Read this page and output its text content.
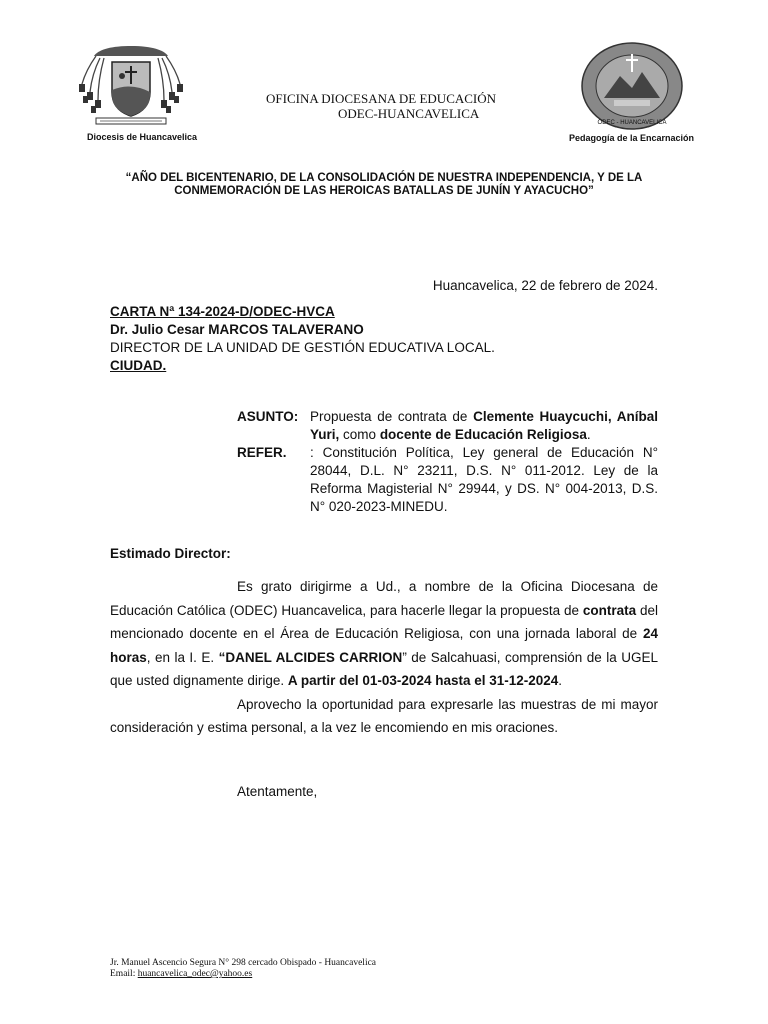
Diocesis de Huancavelica
OFICINA DIOCESANA DE EDUCACIÓN
ODEC-HUANCAVELICA
ODEC - HUANCAVELICA
Pedagogía de la Encarnación
“AÑO DEL BICENTENARIO, DE LA CONSOLIDACIÓN DE NUESTRA INDEPENDENCIA, Y DE LA CONMEMORACIÓN DE LAS HEROICAS BATALLAS DE JUNÍN Y AYACUCHO”
Huancavelica, 22 de febrero de 2024.
CARTA Nª 134-2024-D/ODEC-HVCA
Dr. Julio Cesar MARCOS TALAVERANO
DIRECTOR DE LA UNIDAD DE GESTIÓN EDUCATIVA LOCAL.
CIUDAD.
ASUNTO: Propuesta de contrata de Clemente Huaycuchi, Aníbal Yuri, como docente de Educación Religiosa.
REFER.	: Constitución Política, Ley general de Educación N° 28044, D.L. N° 23211, D.S. N° 011-2012. Ley de la Reforma Magisterial N° 29944, y DS. N° 004-2013, D.S. N° 020-2023-MINEDU.
Estimado Director:

Es grato dirigirme a Ud., a nombre de la Oficina Diocesana de Educación Católica (ODEC) Huancavelica, para hacerle llegar la propuesta de contrata del mencionado docente en el Área de Educación Religiosa, con una jornada laboral de 24 horas, en la I. E. “DANEL ALCIDES CARRION” de Salcahuasi, comprensión de la UGEL que usted dignamente dirige. A partir del 01-03-2024 hasta el 31-12-2024.

Aprovecho la oportunidad para expresarle las muestras de mi mayor consideración y estima personal, a la vez le encomiendo en mis oraciones.

Atentamente,
Jr. Manuel Ascencio Segura N° 298 cercado Obispado - Huancavelica
Email: huancavelica_odec@yahoo.es
